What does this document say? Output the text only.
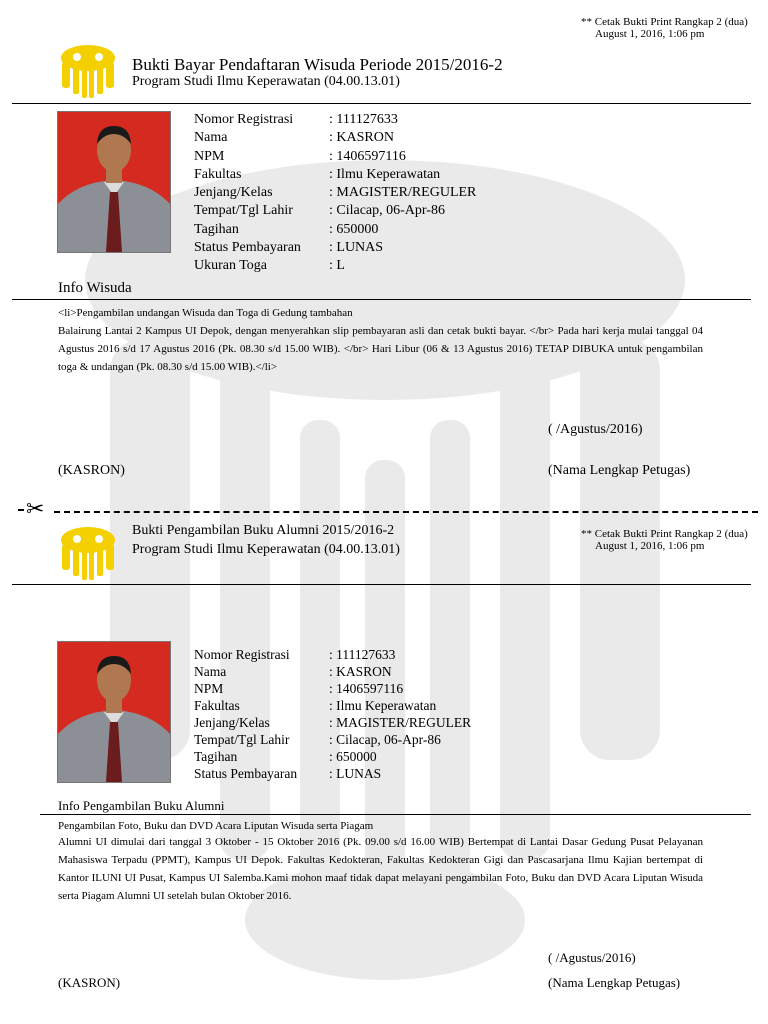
** Cetak Bukti Print Rangkap 2 (dua)
August 1, 2016, 1:06 pm
Bukti Bayar Pendaftaran Wisuda Periode 2015/2016-2
Program Studi Ilmu Keperawatan (04.00.13.01)
Nomor Registrasi	: 111127633
Nama	: KASRON
NPM	: 1406597116
Fakultas	: Ilmu Keperawatan
Jenjang/Kelas	: MAGISTER/REGULER
Tempat/Tgl Lahir	: Cilacap, 06-Apr-86
Tagihan	: 650000
Status Pembayaran	: LUNAS
Ukuran Toga	: L
Info Wisuda
<li>Pengambilan undangan Wisuda dan Toga di Gedung tambahan
Balairung Lantai 2 Kampus UI Depok, dengan menyerahkan slip pembayaran asli dan cetak bukti bayar. </br> Pada hari kerja mulai tanggal 04 Agustus 2016 s/d 17 Agustus 2016 (Pk. 08.30 s/d 15.00 WIB). </br> Hari Libur (06 & 13 Agustus 2016) TETAP DIBUKA untuk pengambilan toga & undangan (Pk. 08.30 s/d 15.00 WIB).</li>
( /Agustus/2016)
(KASRON)	(Nama Lengkap Petugas)
✂
Bukti Pengambilan Buku Alumni 2015/2016-2
Program Studi Ilmu Keperawatan (04.00.13.01)
** Cetak Bukti Print Rangkap 2 (dua)
August 1, 2016, 1:06 pm
Nomor Registrasi	: 111127633
Nama	: KASRON
NPM	: 1406597116
Fakultas	: Ilmu Keperawatan
Jenjang/Kelas	: MAGISTER/REGULER
Tempat/Tgl Lahir	: Cilacap, 06-Apr-86
Tagihan	: 650000
Status Pembayaran	: LUNAS
Info Pengambilan Buku Alumni
Pengambilan Foto, Buku dan DVD Acara Liputan Wisuda serta Piagam
Alumni UI dimulai dari tanggal 3 Oktober - 15 Oktober 2016 (Pk. 09.00 s/d 16.00 WIB) Bertempat di Lantai Dasar Gedung Pusat Pelayanan Mahasiswa Terpadu (PPMT), Kampus UI Depok. Fakultas Kedokteran, Fakultas Kedokteran Gigi dan Pascasarjana Ilmu Kajian bertempat di Kantor ILUNI UI Pusat, Kampus UI Salemba.Kami mohon maaf tidak dapat melayani pengambilan Foto, Buku dan DVD Acara Liputan Wisuda serta Piagam Alumni UI setelah bulan Oktober 2016.
( /Agustus/2016)
(KASRON)	(Nama Lengkap Petugas)
